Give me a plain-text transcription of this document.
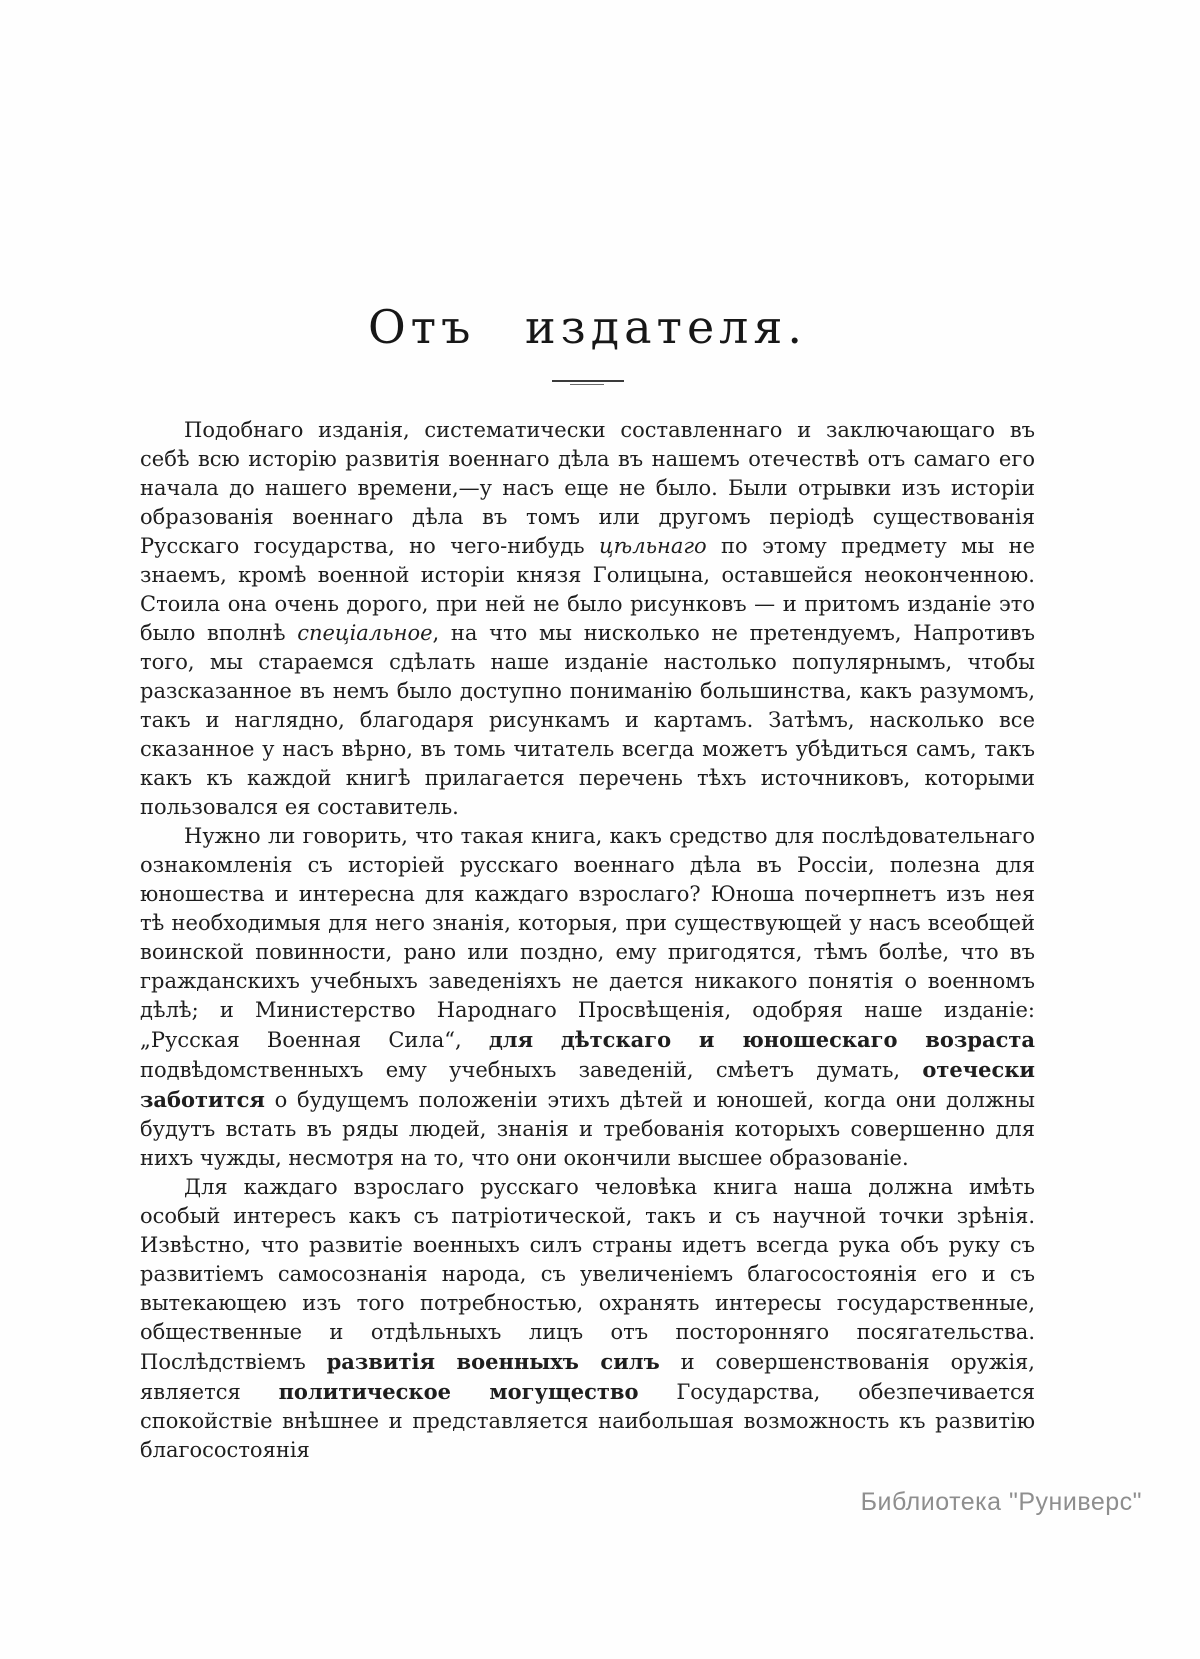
Отъ издателя.

Подобнаго изданія, систематически составленнаго и заключающаго въ себѣ всю исторію развитія военнаго дѣла въ нашемъ отечествѣ отъ самаго его начала до нашего времени,—у насъ еще не было. Были отрывки изъ исторіи образованія военнаго дѣла въ томъ или другомъ періодѣ существованія Русскаго государства, но чего-нибудь цѣльнаго по этому предмету мы не знаемъ, кромѣ военной исторіи князя Голицына, оставшейся неоконченною. Стоила она очень дорого, при ней не было рисунковъ — и притомъ изданіе это было вполнѣ спеціальное, на что мы нисколько не претендуемъ, Напротивъ того, мы стараемся сдѣлать наше изданіе настолько популярнымъ, чтобы разсказанное въ немъ было доступно пониманію большинства, какъ разумомъ, такъ и наглядно, благодаря рисункамъ и картамъ. Затѣмъ, насколько все сказанное у насъ вѣрно, въ томь читатель всегда можетъ убѣдиться самъ, такъ какъ къ каждой книгѣ прилагается перечень тѣхъ источниковъ, которыми пользовался ея составитель.

Нужно ли говорить, что такая книга, какъ средство для послѣдовательнаго ознакомленія съ исторіей русскаго военнаго дѣла въ Россіи, полезна для юношества и интересна для каждаго взрослаго? Юноша почерпнетъ изъ нея тѣ необходимыя для него знанія, которыя, при существующей у насъ всеобщей воинской повинности, рано или поздно, ему пригодятся, тѣмъ болѣе, что въ гражданскихъ учебныхъ заведеніяхъ не дается никакого понятія о военномъ дѣлѣ; и Министерство Народнаго Просвѣщенія, одобряя наше изданіе: „Русская Военная Сила“, для дѣтскаго и юношескаго возраста подвѣдомственныхъ ему учебныхъ заведеній, смѣетъ думать, отечески заботится о будущемъ положеніи этихъ дѣтей и юношей, когда они должны будутъ встать въ ряды людей, знанія и требованія которыхъ совершенно для нихъ чужды, несмотря на то, что они окончили высшее образованіе.

Для каждаго взрослаго русскаго человѣка книга наша должна имѣть особый интересъ какъ съ патріотической, такъ и съ научной точки зрѣнія. Извѣстно, что развитіе военныхъ силъ страны идетъ всегда рука объ руку съ развитіемъ самосознанія народа, съ увеличеніемъ благосостоянія его и съ вытекающею изъ того потребностью, охранять интересы государственные, общественные и отдѣльныхъ лицъ отъ посторонняго посягательства. Послѣдствіемъ развитія военныхъ силъ и совершенствованія оружія, является политическое могущество Государства, обезпечивается спокойствіе внѣшнее и представляется наибольшая возможность къ развитію благосостоянія

Библиотека "Руниверс"
